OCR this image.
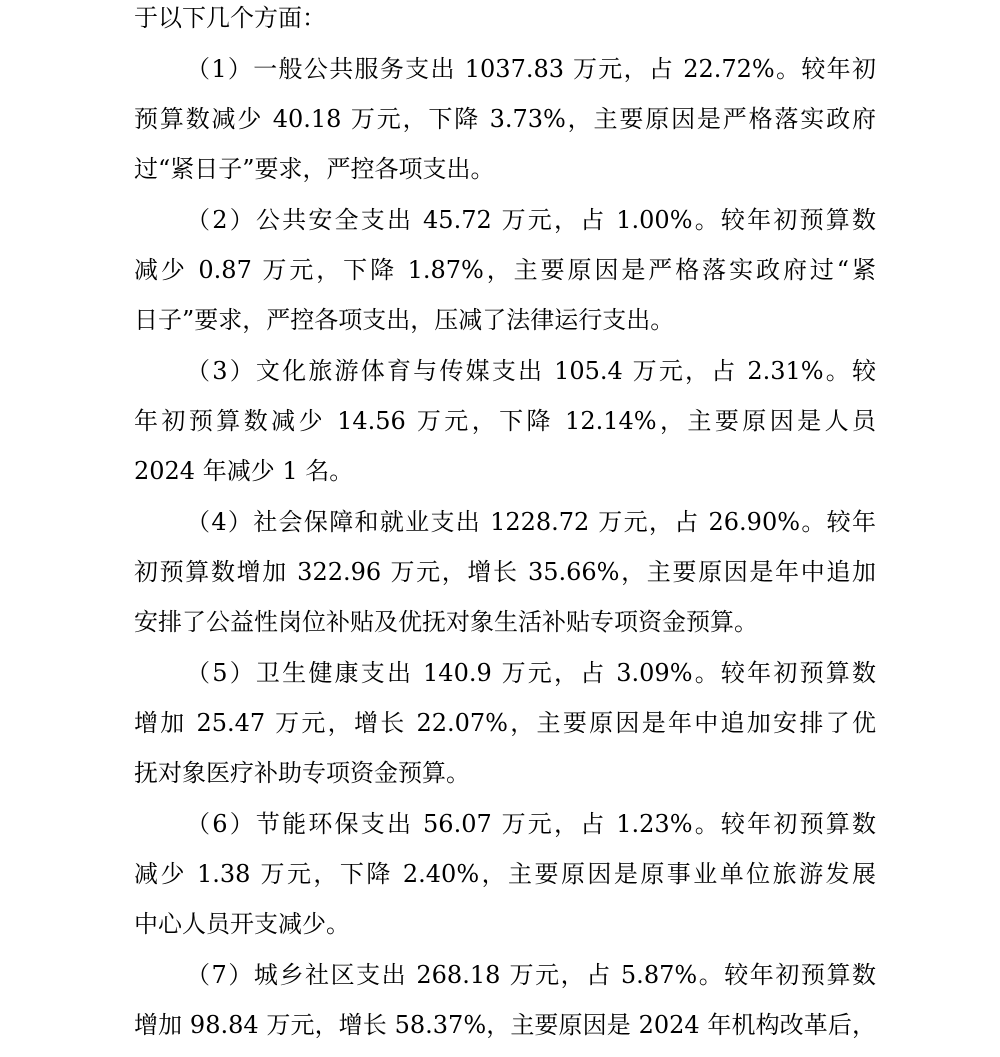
于以下几个方面：
（1）一般公共服务支出 1037.83 万元，占 22.72%。较年初
预算数减少 40.18 万元，下降 3.73%，主要原因是严格落实政府
过“紧日子”要求，严控各项支出。
（2）公共安全支出 45.72 万元，占 1.00%。较年初预算数
减少 0.87 万元，下降 1.87%，主要原因是严格落实政府过“紧
日子”要求，严控各项支出，压减了法律运行支出。
（3）文化旅游体育与传媒支出 105.4 万元，占 2.31%。较
年初预算数减少 14.56 万元，下降 12.14%，主要原因是人员
2024 年减少 1 名。
（4）社会保障和就业支出 1228.72 万元，占 26.90%。较年
初预算数增加 322.96 万元，增长 35.66%，主要原因是年中追加
安排了公益性岗位补贴及优抚对象生活补贴专项资金预算。
（5）卫生健康支出 140.9 万元，占 3.09%。较年初预算数
增加 25.47 万元，增长 22.07%，主要原因是年中追加安排了优
抚对象医疗补助专项资金预算。
（6）节能环保支出 56.07 万元，占 1.23%。较年初预算数
减少 1.38 万元，下降 2.40%，主要原因是原事业单位旅游发展
中心人员开支减少。
（7）城乡社区支出 268.18 万元，占 5.87%。较年初预算数
增加 98.84 万元，增长 58.37%，主要原因是 2024 年机构改革后，
